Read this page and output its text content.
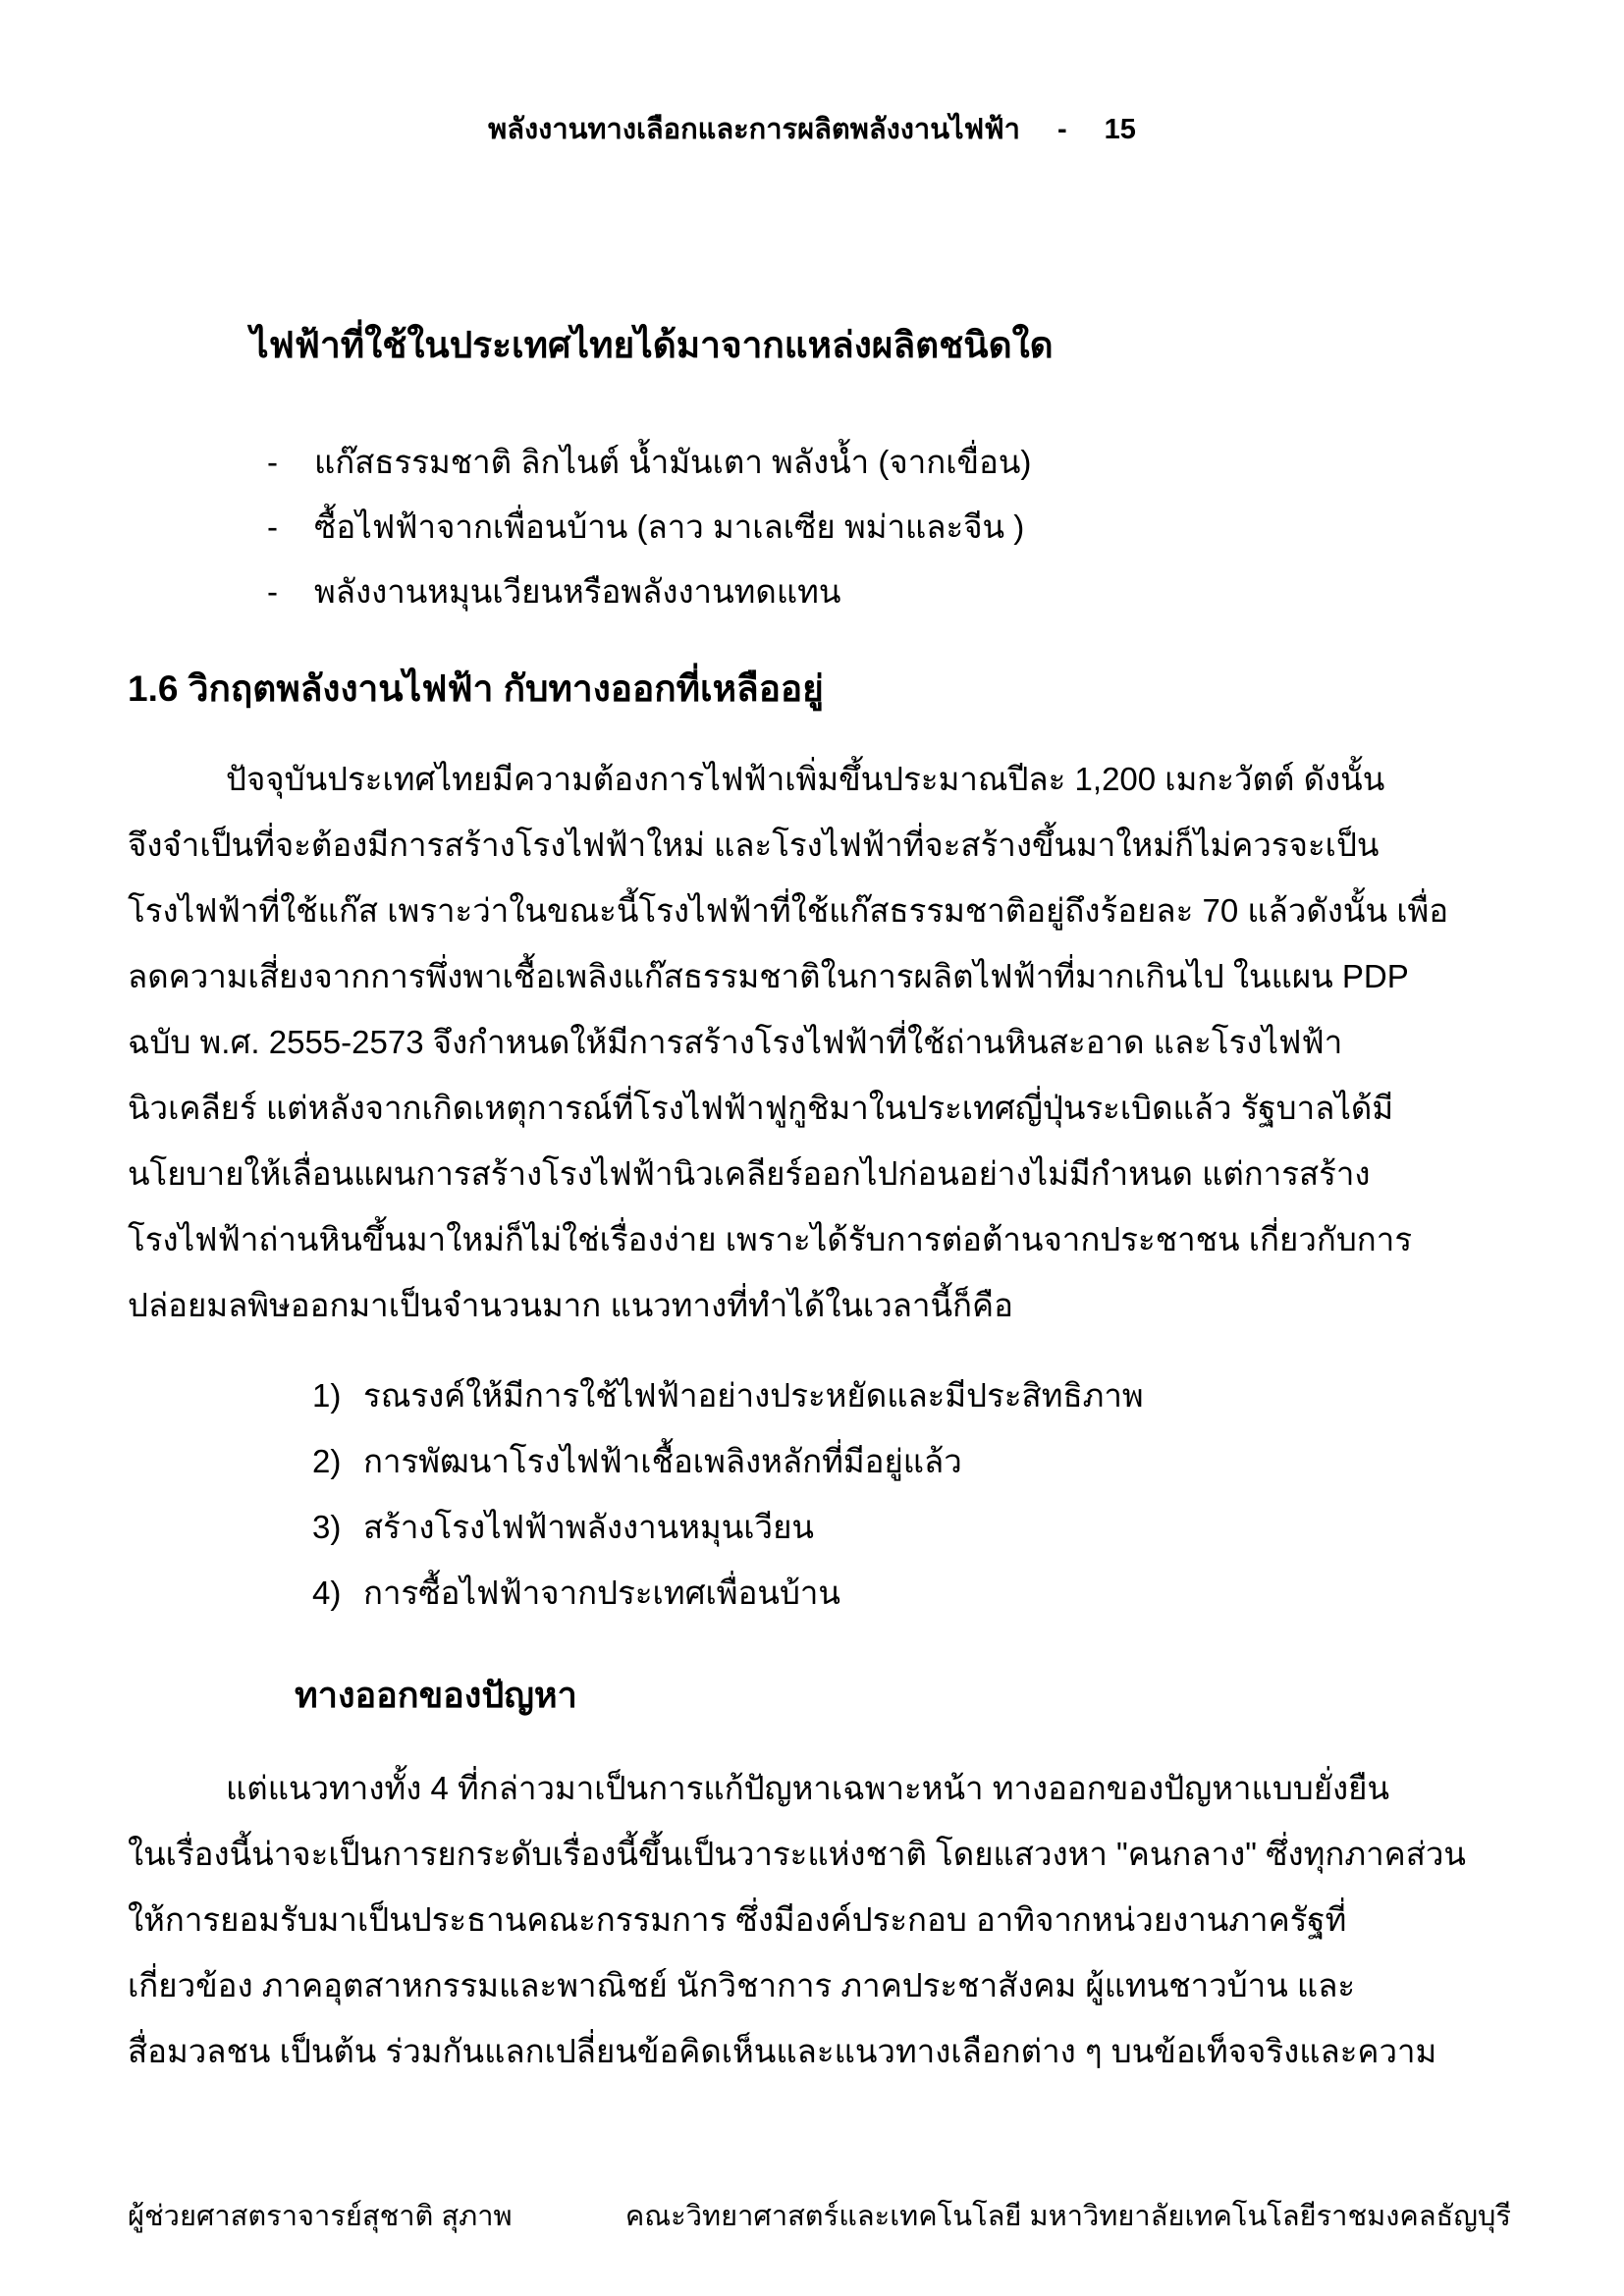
พลังงานทางเลือกและการผลิตพลังงานไฟฟ้า - 15
ไฟฟ้าที่ใช้ในประเทศไทยได้มาจากแหล่งผลิตชนิดใด
-	แก๊สธรรมชาติ ลิกไนต์ น้ำมันเตา พลังน้ำ (จากเขื่อน)
-	ซื้อไฟฟ้าจากเพื่อนบ้าน (ลาว มาเลเซีย พม่าและจีน )
-	พลังงานหมุนเวียนหรือพลังงานทดแทน
1.6 วิกฤตพลังงานไฟฟ้า กับทางออกที่เหลืออยู่
ปัจจุบันประเทศไทยมีความต้องการไฟฟ้าเพิ่มขึ้นประมาณปีละ 1,200 เมกะวัตต์ ดังนั้น
จึงจำเป็นที่จะต้องมีการสร้างโรงไฟฟ้าใหม่ และโรงไฟฟ้าที่จะสร้างขึ้นมาใหม่ก็ไม่ควรจะเป็น
โรงไฟฟ้าที่ใช้แก๊ส เพราะว่าในขณะนี้โรงไฟฟ้าที่ใช้แก๊สธรรมชาติอยู่ถึงร้อยละ 70 แล้วดังนั้น เพื่อ
ลดความเสี่ยงจากการพึ่งพาเชื้อเพลิงแก๊สธรรมชาติในการผลิตไฟฟ้าที่มากเกินไป ในแผน PDP
ฉบับ พ.ศ. 2555-2573 จึงกำหนดให้มีการสร้างโรงไฟฟ้าที่ใช้ถ่านหินสะอาด และโรงไฟฟ้า
นิวเคลียร์ แต่หลังจากเกิดเหตุการณ์ที่โรงไฟฟ้าฟูกูชิมาในประเทศญี่ปุ่นระเบิดแล้ว รัฐบาลได้มี
นโยบายให้เลื่อนแผนการสร้างโรงไฟฟ้านิวเคลียร์ออกไปก่อนอย่างไม่มีกำหนด แต่การสร้าง
โรงไฟฟ้าถ่านหินขึ้นมาใหม่ก็ไม่ใช่เรื่องง่าย เพราะได้รับการต่อต้านจากประชาชน เกี่ยวกับการ
ปล่อยมลพิษออกมาเป็นจำนวนมาก แนวทางที่ทำได้ในเวลานี้ก็คือ
1) รณรงค์ให้มีการใช้ไฟฟ้าอย่างประหยัดและมีประสิทธิภาพ
2) การพัฒนาโรงไฟฟ้าเชื้อเพลิงหลักที่มีอยู่แล้ว
3) สร้างโรงไฟฟ้าพลังงานหมุนเวียน
4) การซื้อไฟฟ้าจากประเทศเพื่อนบ้าน
ทางออกของปัญหา
แต่แนวทางทั้ง 4 ที่กล่าวมาเป็นการแก้ปัญหาเฉพาะหน้า ทางออกของปัญหาแบบยั่งยืน
ในเรื่องนี้น่าจะเป็นการยกระดับเรื่องนี้ขึ้นเป็นวาระแห่งชาติ โดยแสวงหา "คนกลาง" ซึ่งทุกภาคส่วน
ให้การยอมรับมาเป็นประธานคณะกรรมการ ซึ่งมีองค์ประกอบ อาทิจากหน่วยงานภาครัฐที่
เกี่ยวข้อง ภาคอุตสาหกรรมและพาณิชย์ นักวิชาการ ภาคประชาสังคม ผู้แทนชาวบ้าน และ
สื่อมวลชน เป็นต้น ร่วมกันแลกเปลี่ยนข้อคิดเห็นและแนวทางเลือกต่าง ๆ บนข้อเท็จจริงและความ
ผู้ช่วยศาสตราจารย์สุชาติ สุภาพ	คณะวิทยาศาสตร์และเทคโนโลยี มหาวิทยาลัยเทคโนโลยีราชมงคลธัญบุรี
